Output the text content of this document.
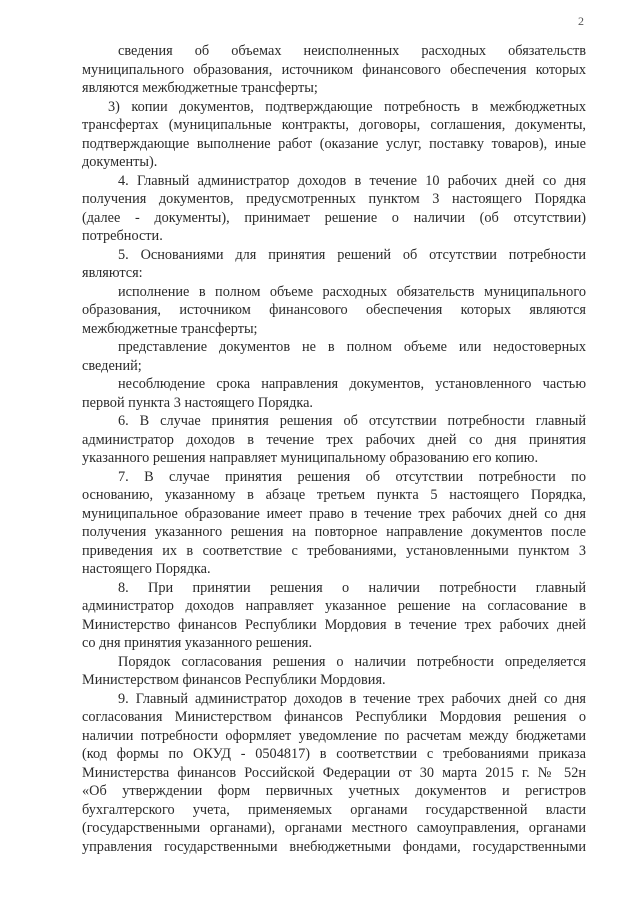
2
сведения об объемах неисполненных расходных обязательств
муниципального образования, источником финансового обеспечения которых
являются межбюджетные трансферты;
3) копии документов, подтверждающие потребность в межбюджетных
трансфертах (муниципальные контракты, договоры, соглашения, документы,
подтверждающие выполнение работ (оказание услуг, поставку товаров), иные
документы).
4. Главный администратор доходов в течение 10 рабочих дней со дня
получения документов, предусмотренных пунктом 3 настоящего Порядка
(далее - документы), принимает решение о наличии (об отсутствии)
потребности.
5. Основаниями для принятия решений об отсутствии потребности
являются:
исполнение в полном объеме расходных обязательств муниципального
образования, источником финансового обеспечения которых являются
межбюджетные трансферты;
представление документов не в полном объеме или недостоверных
сведений;
несоблюдение срока направления документов, установленного частью
первой пункта 3 настоящего Порядка.
6. В случае принятия решения об отсутствии потребности главный
администратор доходов в течение трех рабочих дней со дня принятия
указанного решения направляет муниципальному образованию его копию.
7. В случае принятия решения об отсутствии потребности по
основанию, указанному в абзаце третьем пункта 5 настоящего Порядка,
муниципальное образование имеет право в течение трех рабочих дней со дня
получения указанного решения на повторное направление документов после
приведения их в соответствие с требованиями, установленными пунктом 3
настоящего Порядка.
8. При принятии решения о наличии потребности главный
администратор доходов направляет указанное решение на согласование в
Министерство финансов Республики Мордовия в течение трех рабочих дней
со дня принятия указанного решения.
Порядок согласования решения о наличии потребности определяется
Министерством финансов Республики Мордовия.
9. Главный администратор доходов в течение трех рабочих дней со дня
согласования Министерством финансов Республики Мордовия решения о
наличии потребности оформляет уведомление по расчетам между бюджетами
(код формы по ОКУД - 0504817) в соответствии с требованиями приказа
Министерства финансов Российской Федерации от 30 марта 2015 г. № 52н
«Об утверждении форм первичных учетных документов и регистров
бухгалтерского учета, применяемых органами государственной власти
(государственными органами), органами местного самоуправления, органами
управления государственными внебюджетными фондами, государственными
